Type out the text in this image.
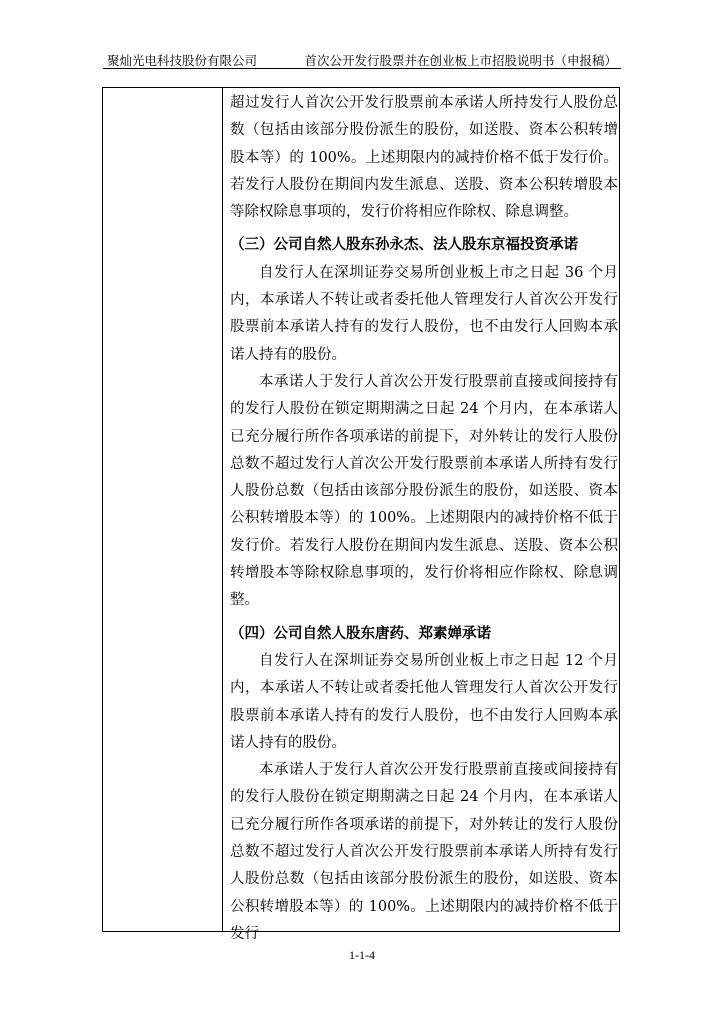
聚灿光电科技股份有限公司	首次公开发行股票并在创业板上市招股说明书（申报稿）

超过发行人首次公开发行股票前本承诺人所持发行人股份总数（包括由该部分股份派生的股份，如送股、资本公积转增股本等）的 100%。上述期限内的减持价格不低于发行价。若发行人股份在期间内发生派息、送股、资本公积转增股本等除权除息事项的，发行价将相应作除权、除息调整。

（三）公司自然人股东孙永杰、法人股东京福投资承诺

自发行人在深圳证券交易所创业板上市之日起 36 个月内，本承诺人不转让或者委托他人管理发行人首次公开发行股票前本承诺人持有的发行人股份，也不由发行人回购本承诺人持有的股份。

本承诺人于发行人首次公开发行股票前直接或间接持有的发行人股份在锁定期期满之日起 24 个月内，在本承诺人已充分履行所作各项承诺的前提下，对外转让的发行人股份总数不超过发行人首次公开发行股票前本承诺人所持有发行人股份总数（包括由该部分股份派生的股份，如送股、资本公积转增股本等）的 100%。上述期限内的减持价格不低于发行价。若发行人股份在期间内发生派息、送股、资本公积转增股本等除权除息事项的，发行价将相应作除权、除息调整。

（四）公司自然人股东唐药、郑素婵承诺

自发行人在深圳证券交易所创业板上市之日起 12 个月内，本承诺人不转让或者委托他人管理发行人首次公开发行股票前本承诺人持有的发行人股份，也不由发行人回购本承诺人持有的股份。

本承诺人于发行人首次公开发行股票前直接或间接持有的发行人股份在锁定期期满之日起 24 个月内，在本承诺人已充分履行所作各项承诺的前提下，对外转让的发行人股份总数不超过发行人首次公开发行股票前本承诺人所持有发行人股份总数（包括由该部分股份派生的股份，如送股、资本公积转增股本等）的 100%。上述期限内的减持价格不低于发行

1-1-4
